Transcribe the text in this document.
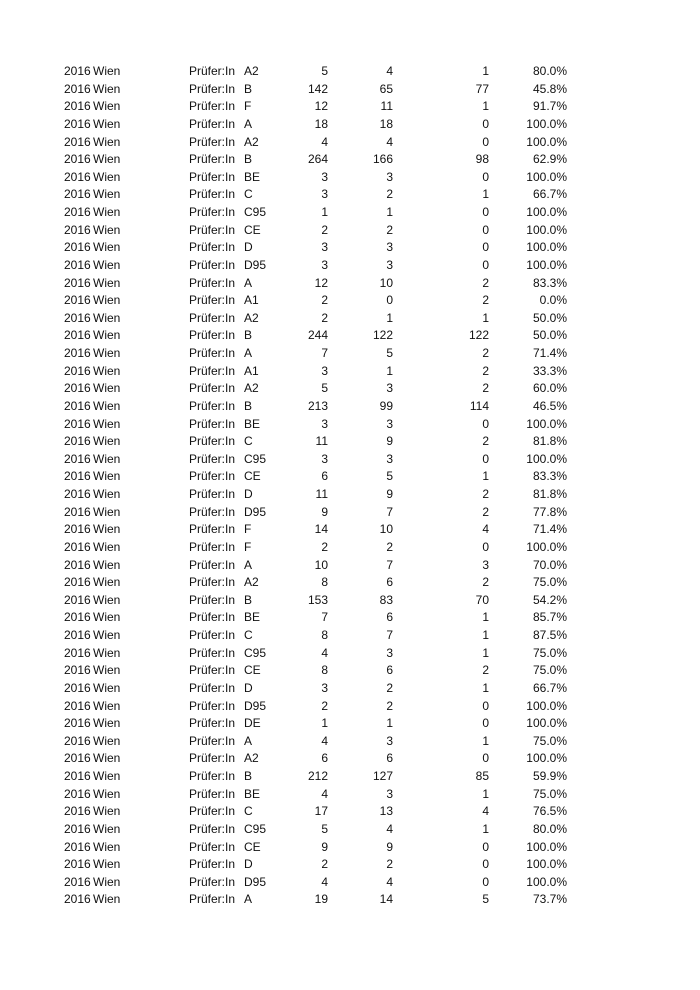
2016 Wien	Prüfer:In A2	5	4	1	80.0%
2016 Wien	Prüfer:In B	142	65	77	45.8%
2016 Wien	Prüfer:In F	12	11	1	91.7%
2016 Wien	Prüfer:In A	18	18	0	100.0%
2016 Wien	Prüfer:In A2	4	4	0	100.0%
2016 Wien	Prüfer:In B	264	166	98	62.9%
2016 Wien	Prüfer:In BE	3	3	0	100.0%
2016 Wien	Prüfer:In C	3	2	1	66.7%
2016 Wien	Prüfer:In C95	1	1	0	100.0%
2016 Wien	Prüfer:In CE	2	2	0	100.0%
2016 Wien	Prüfer:In D	3	3	0	100.0%
2016 Wien	Prüfer:In D95	3	3	0	100.0%
2016 Wien	Prüfer:In A	12	10	2	83.3%
2016 Wien	Prüfer:In A1	2	0	2	0.0%
2016 Wien	Prüfer:In A2	2	1	1	50.0%
2016 Wien	Prüfer:In B	244	122	122	50.0%
2016 Wien	Prüfer:In A	7	5	2	71.4%
2016 Wien	Prüfer:In A1	3	1	2	33.3%
2016 Wien	Prüfer:In A2	5	3	2	60.0%
2016 Wien	Prüfer:In B	213	99	114	46.5%
2016 Wien	Prüfer:In BE	3	3	0	100.0%
2016 Wien	Prüfer:In C	11	9	2	81.8%
2016 Wien	Prüfer:In C95	3	3	0	100.0%
2016 Wien	Prüfer:In CE	6	5	1	83.3%
2016 Wien	Prüfer:In D	11	9	2	81.8%
2016 Wien	Prüfer:In D95	9	7	2	77.8%
2016 Wien	Prüfer:In F	14	10	4	71.4%
2016 Wien	Prüfer:In F	2	2	0	100.0%
2016 Wien	Prüfer:In A	10	7	3	70.0%
2016 Wien	Prüfer:In A2	8	6	2	75.0%
2016 Wien	Prüfer:In B	153	83	70	54.2%
2016 Wien	Prüfer:In BE	7	6	1	85.7%
2016 Wien	Prüfer:In C	8	7	1	87.5%
2016 Wien	Prüfer:In C95	4	3	1	75.0%
2016 Wien	Prüfer:In CE	8	6	2	75.0%
2016 Wien	Prüfer:In D	3	2	1	66.7%
2016 Wien	Prüfer:In D95	2	2	0	100.0%
2016 Wien	Prüfer:In DE	1	1	0	100.0%
2016 Wien	Prüfer:In A	4	3	1	75.0%
2016 Wien	Prüfer:In A2	6	6	0	100.0%
2016 Wien	Prüfer:In B	212	127	85	59.9%
2016 Wien	Prüfer:In BE	4	3	1	75.0%
2016 Wien	Prüfer:In C	17	13	4	76.5%
2016 Wien	Prüfer:In C95	5	4	1	80.0%
2016 Wien	Prüfer:In CE	9	9	0	100.0%
2016 Wien	Prüfer:In D	2	2	0	100.0%
2016 Wien	Prüfer:In D95	4	4	0	100.0%
2016 Wien	Prüfer:In A	19	14	5	73.7%
